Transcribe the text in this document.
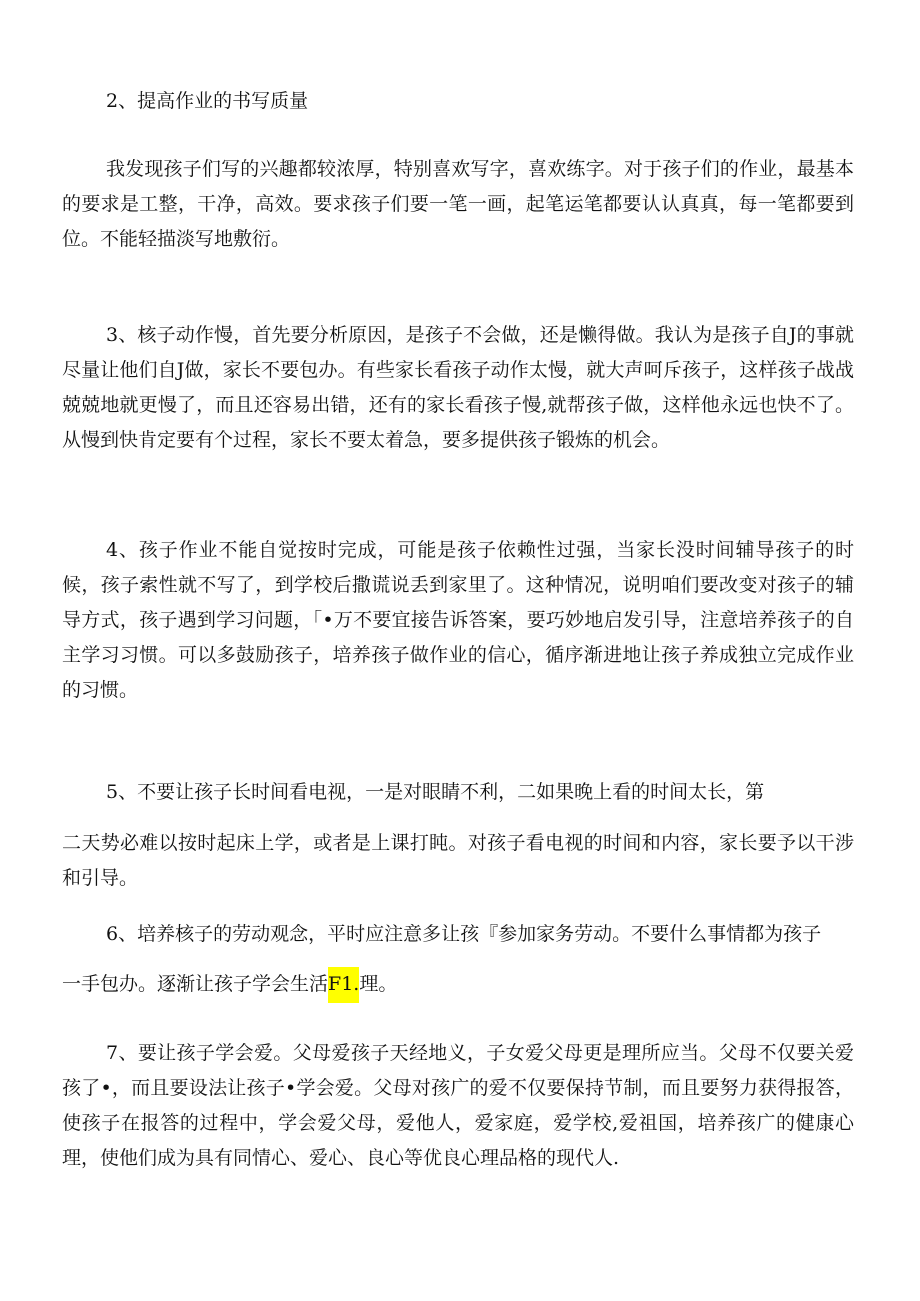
2、提高作业的书写质量

我发现孩子们写的兴趣都较浓厚，特别喜欢写字，喜欢练字。对于孩子们的作业，最基本的要求是工整，干净，高效。要求孩子们要一笔一画，起笔运笔都要认认真真，每一笔都要到位。不能轻描淡写地敷衍。

3、核子动作慢，首先要分析原因，是孩子不会做，还是懒得做。我认为是孩子自J的事就尽量让他们自J做，家长不要包办。有些家长看孩子动作太慢，就大声呵斥孩子，这样孩子战战兢兢地就更慢了，而且还容易出错，还有的家长看孩子慢,就帮孩子做，这样他永远也快不了。从慢到快肯定要有个过程，家长不要太着急，要多提供孩子锻炼的机会。

4、孩子作业不能自觉按时完成，可能是孩子依赖性过强，当家长没时间辅导孩子的时候，孩子索性就不写了，到学校后撒谎说丢到家里了。这种情况，说明咱们要改变对孩子的辅导方式，孩子遇到学习问题，「•万不要宜接告诉答案，要巧妙地启发引导，注意培养孩子的自主学习习惯。可以多鼓励孩子，培养孩子做作业的信心，循序渐进地让孩子养成独立完成作业的习惯。

5、不要让孩子长时间看电视，一是对眼睛不利，二如果晚上看的时间太长，第

二天势必难以按时起床上学，或者是上课打盹。对孩子看电视的时间和内容，家长要予以干涉和引导。

6、培养核子的劳动观念，平时应注意多让孩『参加家务劳动。不要什么事情都为孩子

一手包办。逐渐让孩子学会生活F1.理。

7、要让孩子学会爱。父母爱孩子天经地义，子女爱父母更是理所应当。父母不仅要关爱孩了•，而且要设法让孩子•学会爱。父母对孩广的爱不仅要保持节制，而且要努力获得报答，使孩子在报答的过程中，学会爱父母，爱他人，爱家庭，爱学校,爱祖国，培养孩广的健康心理，使他们成为具有同情心、爱心、良心等优良心理品格的现代人.
